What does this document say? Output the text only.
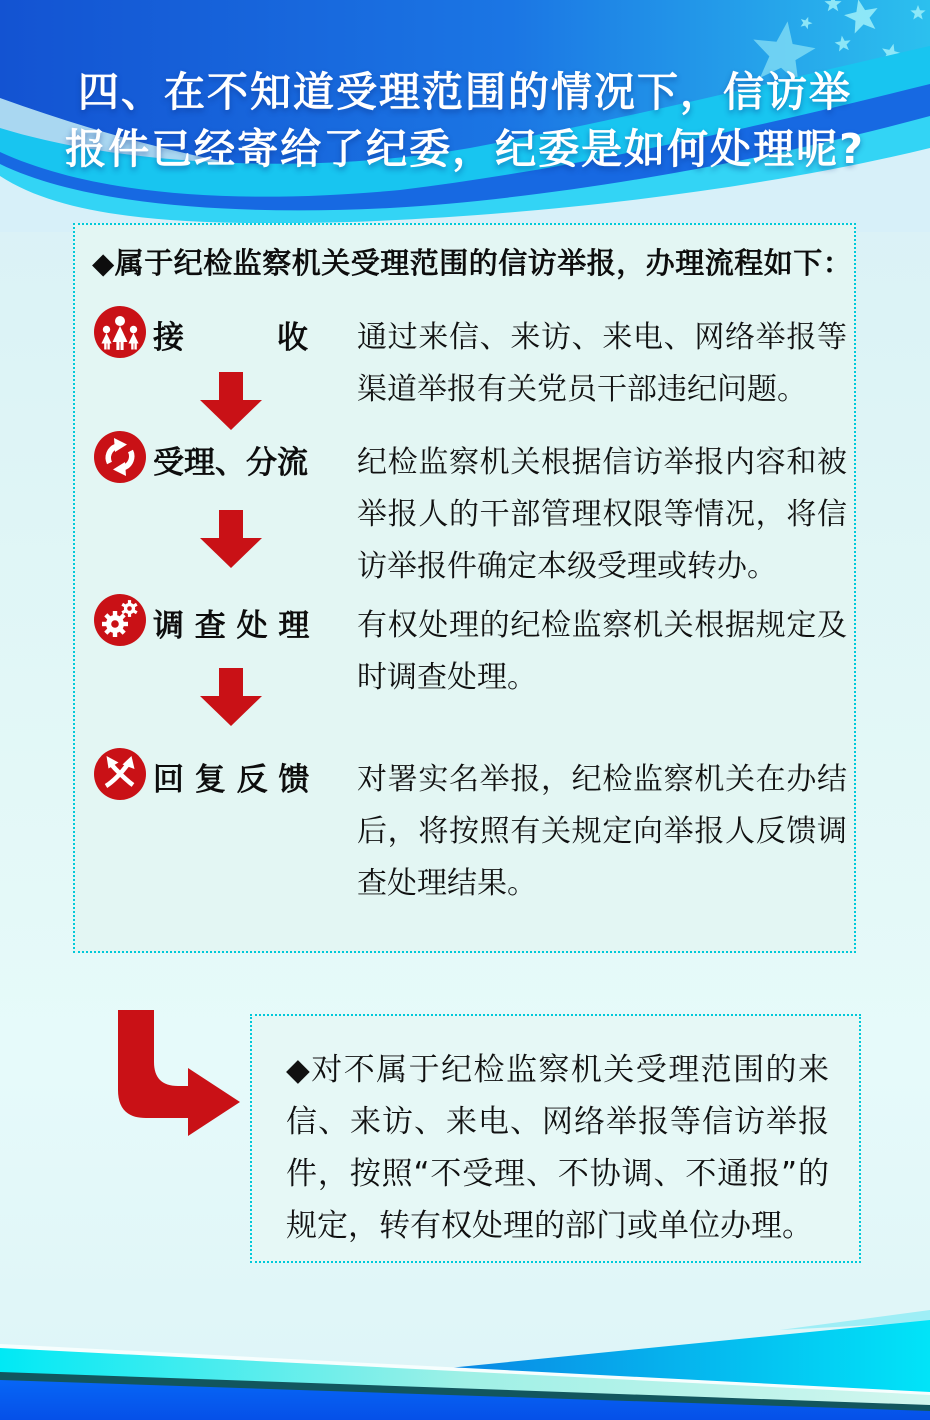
四、在不知道受理范围的情况下，信访举
报件已经寄给了纪委，纪委是如何处理呢?
◆属于纪检监察机关受理范围的信访举报，办理流程如下：
接　　　收	通过来信、来访、来电、网络举报等渠道举报有关党员干部违纪问题。
受理、分流	纪检监察机关根据信访举报内容和被举报人的干部管理权限等情况，将信访举报件确定本级受理或转办。
调 查 处 理	有权处理的纪检监察机关根据规定及时调查处理。
回 复 反 馈	对署实名举报，纪检监察机关在办结后，将按照有关规定向举报人反馈调查处理结果。
◆对不属于纪检监察机关受理范围的来信、来访、来电、网络举报等信访举报件，按照“不受理、不协调、不通报”的规定，转有权处理的部门或单位办理。
